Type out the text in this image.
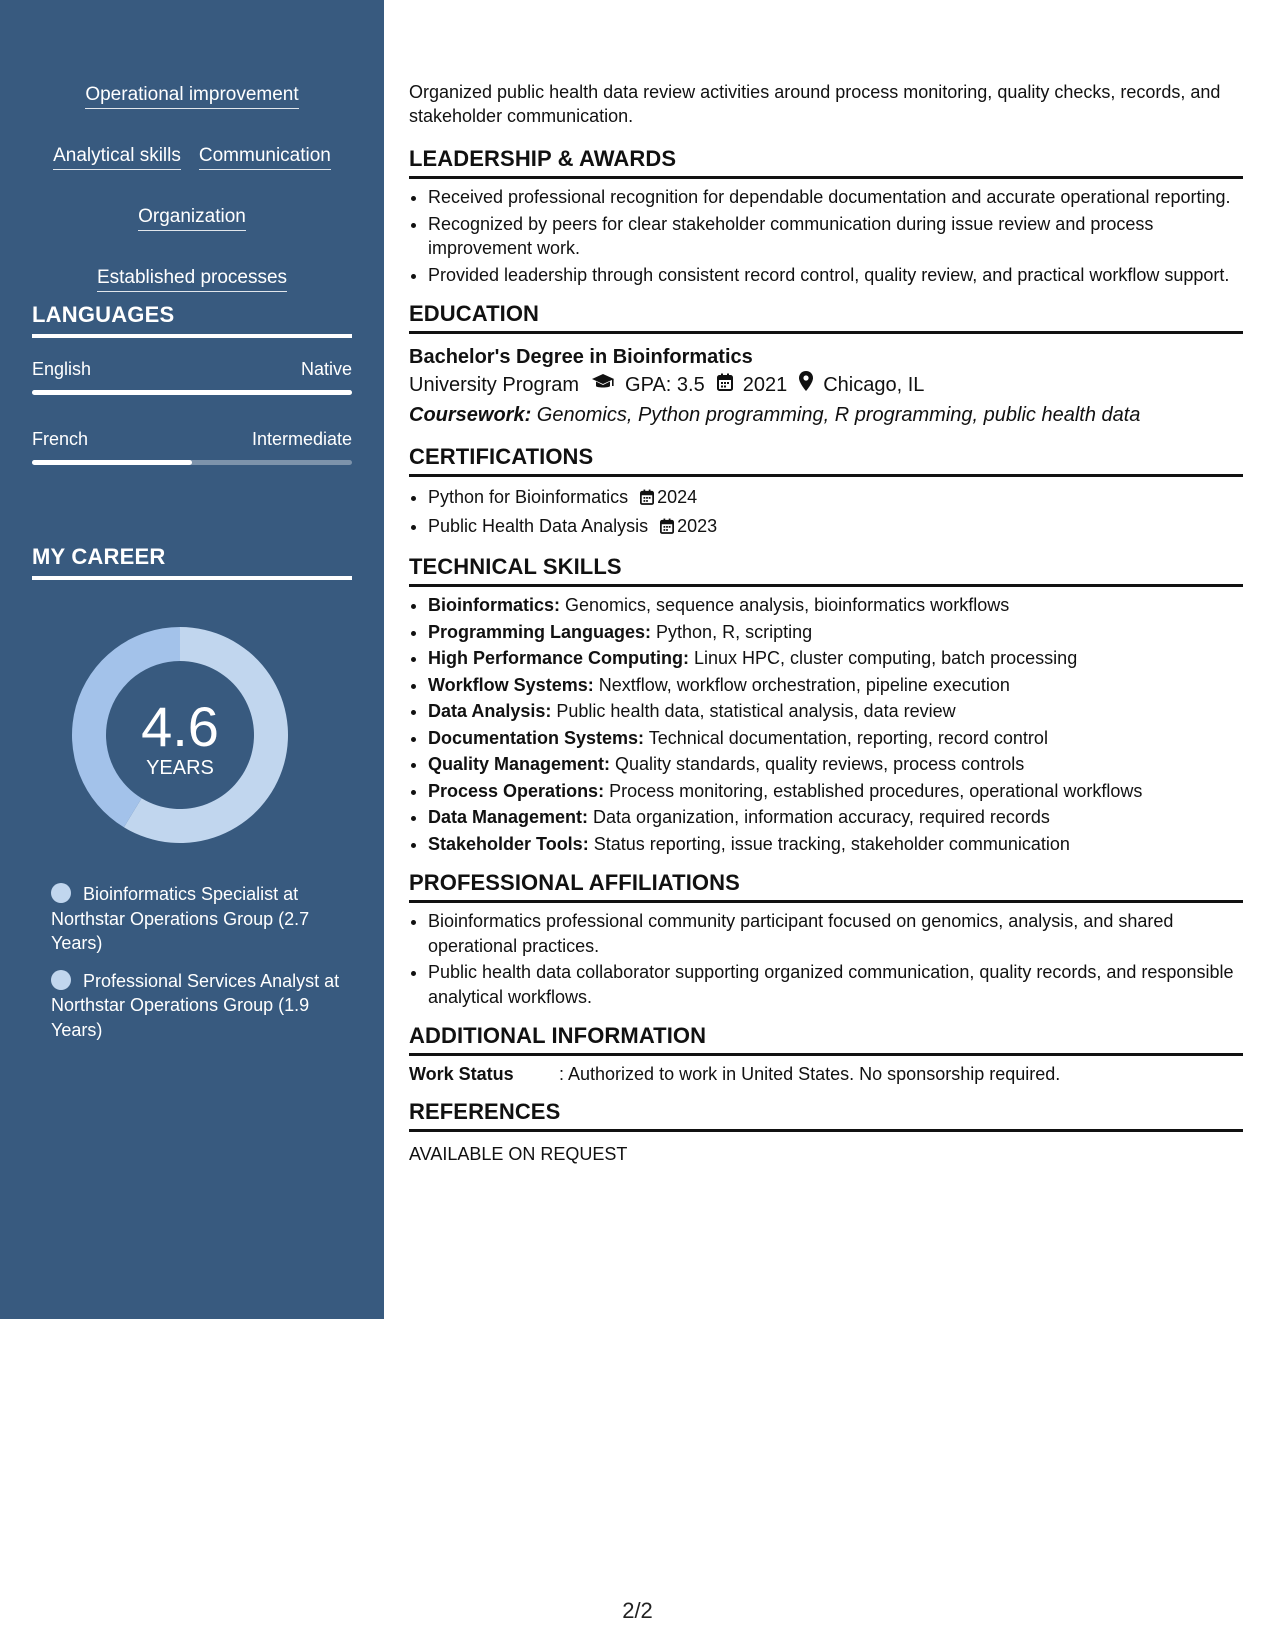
Operational improvement
Analytical skills Communication
Organization
Established processes
LANGUAGES
English	Native
French	Intermediate
MY CAREER
4.6
YEARS
Bioinformatics Specialist at Northstar Operations Group (2.7 Years)
Professional Services Analyst at Northstar Operations Group (1.9 Years)

Organized public health data review activities around process monitoring, quality checks, records, and stakeholder communication.

LEADERSHIP & AWARDS
• Received professional recognition for dependable documentation and accurate operational reporting.
• Recognized by peers for clear stakeholder communication during issue review and process improvement work.
• Provided leadership through consistent record control, quality review, and practical workflow support.
EDUCATION
Bachelor's Degree in Bioinformatics
University Program GPA: 3.5 2021 Chicago, IL
Coursework: Genomics, Python programming, R programming, public health data
CERTIFICATIONS
• Python for Bioinformatics 2024
• Public Health Data Analysis 2023
TECHNICAL SKILLS
• Bioinformatics: Genomics, sequence analysis, bioinformatics workflows
• Programming Languages: Python, R, scripting
• High Performance Computing: Linux HPC, cluster computing, batch processing
• Workflow Systems: Nextflow, workflow orchestration, pipeline execution
• Data Analysis: Public health data, statistical analysis, data review
• Documentation Systems: Technical documentation, reporting, record control
• Quality Management: Quality standards, quality reviews, process controls
• Process Operations: Process monitoring, established procedures, operational workflows
• Data Management: Data organization, information accuracy, required records
• Stakeholder Tools: Status reporting, issue tracking, stakeholder communication
PROFESSIONAL AFFILIATIONS
• Bioinformatics professional community participant focused on genomics, analysis, and shared operational practices.
• Public health data collaborator supporting organized communication, quality records, and responsible analytical workflows.
ADDITIONAL INFORMATION
Work Status	: Authorized to work in United States. No sponsorship required.
REFERENCES
AVAILABLE ON REQUEST
2/2
